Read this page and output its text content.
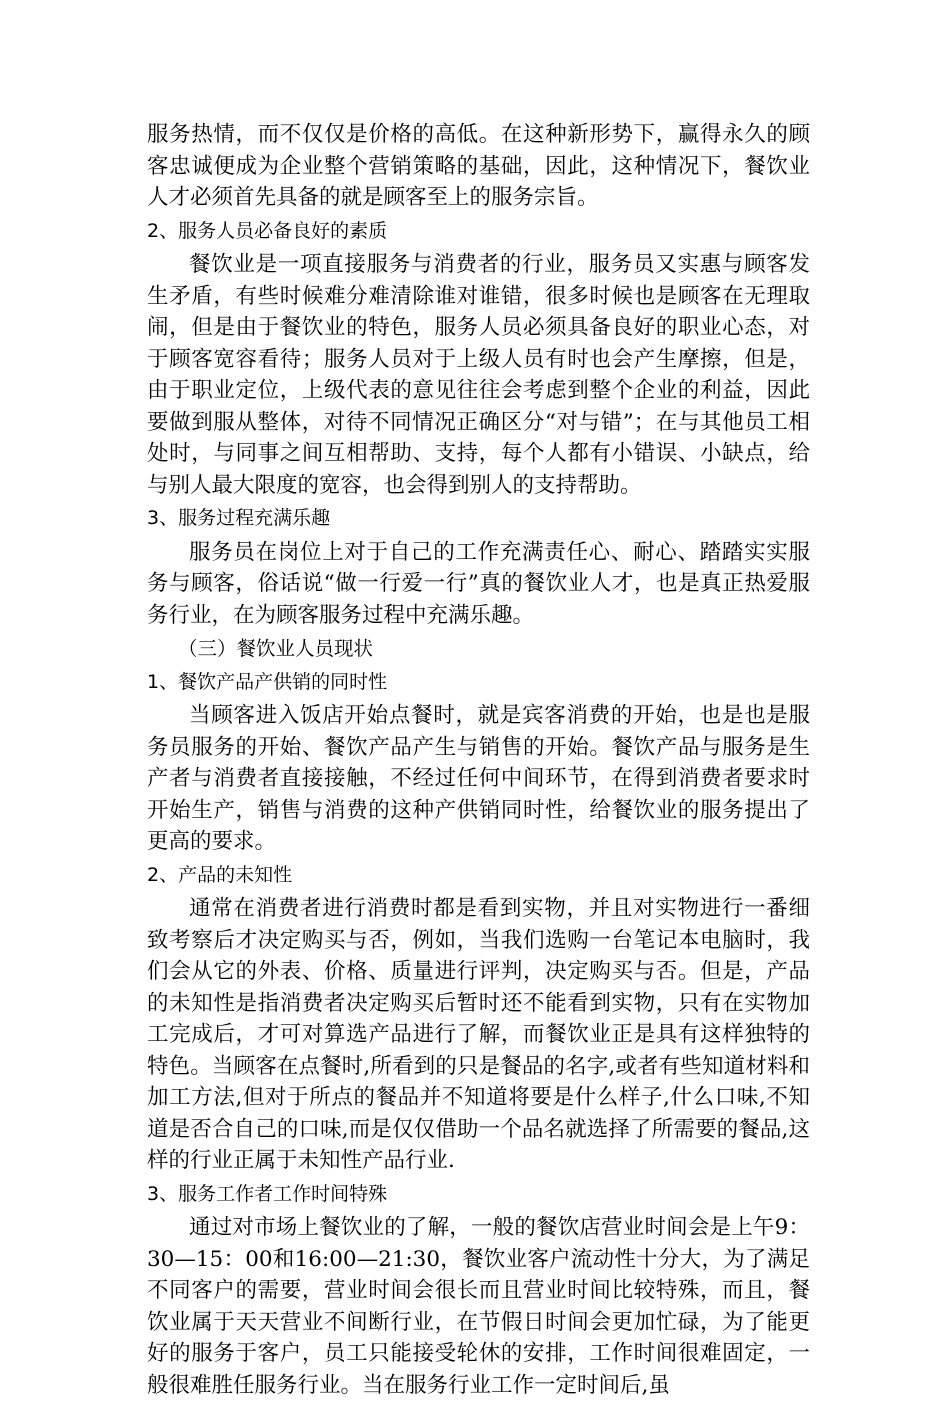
服务热情，而不仅仅是价格的高低。在这种新形势下，赢得永久的顾客忠诚便成为企业整个营销策略的基础，因此，这种情况下，餐饮业人才必须首先具备的就是顾客至上的服务宗旨。

2、服务人员必备良好的素质

餐饮业是一项直接服务与消费者的行业，服务员又实惠与顾客发生矛盾，有些时候难分难清除谁对谁错，很多时候也是顾客在无理取闹，但是由于餐饮业的特色，服务人员必须具备良好的职业心态，对于顾客宽容看待；服务人员对于上级人员有时也会产生摩擦，但是，由于职业定位，上级代表的意见往往会考虑到整个企业的利益，因此要做到服从整体，对待不同情况正确区分“对与错”；在与其他员工相处时，与同事之间互相帮助、支持，每个人都有小错误、小缺点，给与别人最大限度的宽容，也会得到别人的支持帮助。

3、服务过程充满乐趣

服务员在岗位上对于自己的工作充满责任心、耐心、踏踏实实服务与顾客，俗话说“做一行爱一行”真的餐饮业人才，也是真正热爱服务行业，在为顾客服务过程中充满乐趣。

（三）餐饮业人员现状
1、餐饮产品产供销的同时性

当顾客进入饭店开始点餐时，就是宾客消费的开始，也是也是服务员服务的开始、餐饮产品产生与销售的开始。餐饮产品与服务是生产者与消费者直接接触，不经过任何中间环节，在得到消费者要求时开始生产，销售与消费的这种产供销同时性，给餐饮业的服务提出了更高的要求。

2、产品的未知性

通常在消费者进行消费时都是看到实物，并且对实物进行一番细致考察后才决定购买与否，例如，当我们选购一台笔记本电脑时，我们会从它的外表、价格、质量进行评判，决定购买与否。但是，产品的未知性是指消费者决定购买后暂时还不能看到实物，只有在实物加工完成后，才可对算选产品进行了解，而餐饮业正是具有这样独特的特色。当顾客在点餐时,所看到的只是餐品的名字,或者有些知道材料和加工方法,但对于所点的餐品并不知道将要是什么样子,什么口味,不知道是否合自己的口味,而是仅仅借助一个品名就选择了所需要的餐品,这样的行业正属于未知性产品行业.

3、服务工作者工作时间特殊

通过对市场上餐饮业的了解，一般的餐饮店营业时间会是上午9：30—15：00和16:00—21:30，餐饮业客户流动性十分大，为了满足不同客户的需要，营业时间会很长而且营业时间比较特殊，而且，餐饮业属于天天营业不间断行业，在节假日时间会更加忙碌，为了能更好的服务于客户，员工只能接受轮休的安排，工作时间很难固定，一般很难胜任服务行业。当在服务行业工作一定时间后,虽
